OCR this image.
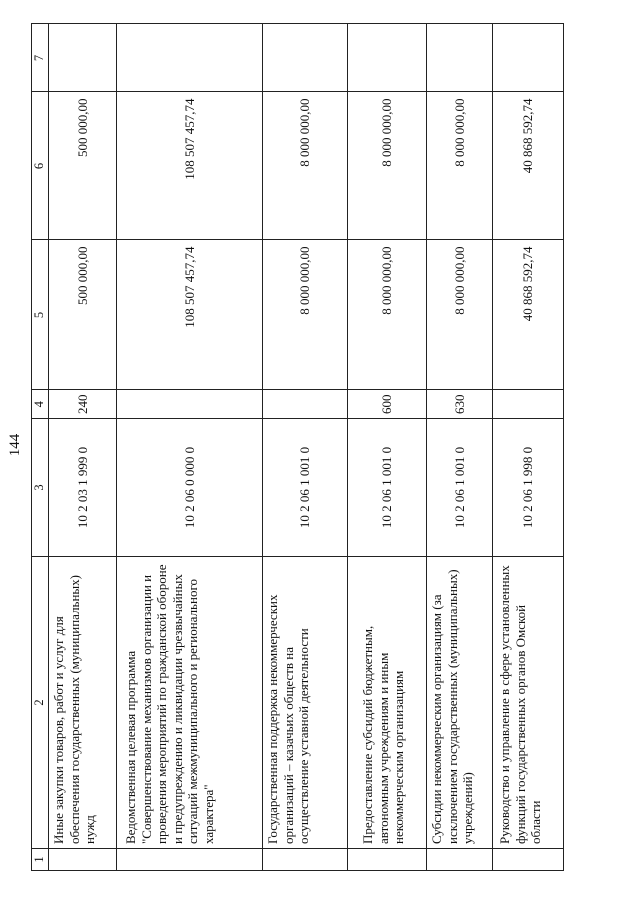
144
1	2	3	4	5	6	7
	Иные закупки товаров, работ и услуг для обеспечения государственных (муниципальных) нужд	10 2 03 1 999 0	240	500 000,00	500 000,00	
	Ведомственная целевая программа "Совершенствование механизмов организации и проведения мероприятий по гражданской обороне и предупреждению и ликвидации чрезвычайных ситуаций межмуниципального и регионального характера"	10 2 06 0 000 0		108 507 457,74	108 507 457,74	
	Государственная поддержка некоммерческих организаций – казачьих обществ на осуществление уставной деятельности	10 2 06 1 001 0		8 000 000,00	8 000 000,00	
	Предоставление субсидий бюджетным, автономным учреждениям и иным некоммерческим организациям	10 2 06 1 001 0	600	8 000 000,00	8 000 000,00	
	Субсидии некоммерческим организациям (за исключением государственных (муниципальных) учреждений)	10 2 06 1 001 0	630	8 000 000,00	8 000 000,00	
	Руководство и управление в сфере установленных функций государственных органов Омской области	10 2 06 1 998 0		40 868 592,74	40 868 592,74	
